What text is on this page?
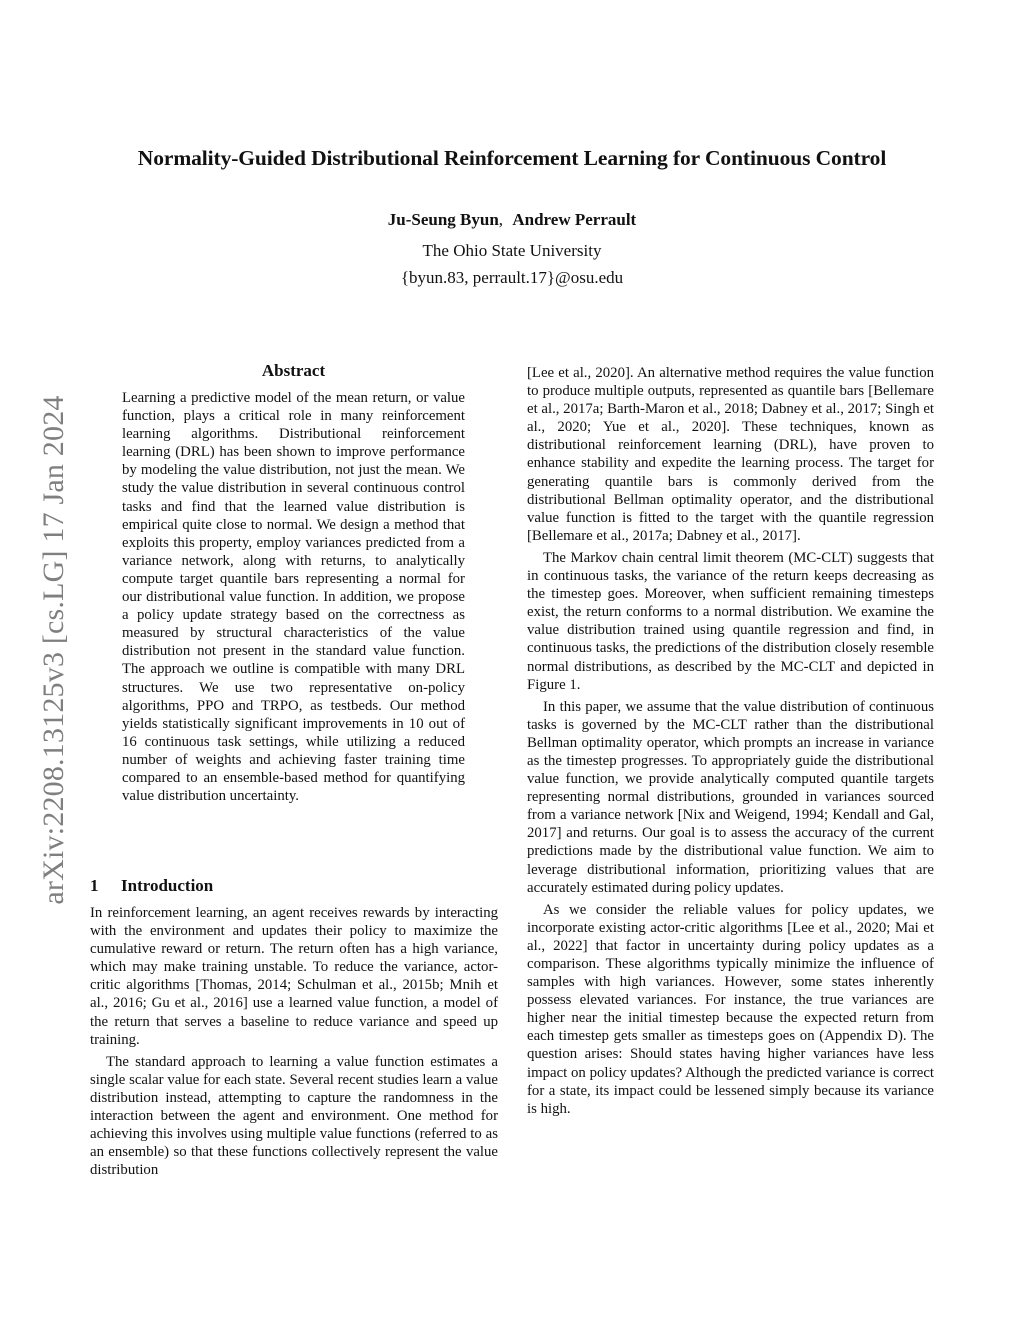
Normality-Guided Distributional Reinforcement Learning for Continuous Control
Ju-Seung Byun, Andrew Perrault
The Ohio State University
{byun.83, perrault.17}@osu.edu
arXiv:2208.13125v3 [cs.LG] 17 Jan 2024
Abstract
Learning a predictive model of the mean return, or value function, plays a critical role in many reinforcement learning algorithms. Distributional reinforcement learning (DRL) has been shown to improve performance by modeling the value distribution, not just the mean. We study the value distribution in several continuous control tasks and find that the learned value distribution is empirical quite close to normal. We design a method that exploits this property, employ variances predicted from a variance network, along with returns, to analytically compute target quantile bars representing a normal for our distributional value function. In addition, we propose a policy update strategy based on the correctness as measured by structural characteristics of the value distribution not present in the standard value function. The approach we outline is compatible with many DRL structures. We use two representative on-policy algorithms, PPO and TRPO, as testbeds. Our method yields statistically significant improvements in 10 out of 16 continuous task settings, while utilizing a reduced number of weights and achieving faster training time compared to an ensemble-based method for quantifying value distribution uncertainty.
1 Introduction

In reinforcement learning, an agent receives rewards by interacting with the environment and updates their policy to maximize the cumulative reward or return. The return often has a high variance, which may make training unstable. To reduce the variance, actor-critic algorithms [Thomas, 2014; Schulman et al., 2015b; Mnih et al., 2016; Gu et al., 2016] use a learned value function, a model of the return that serves a baseline to reduce variance and speed up training.

The standard approach to learning a value function estimates a single scalar value for each state. Several recent studies learn a value distribution instead, attempting to capture the randomness in the interaction between the agent and environment. One method for achieving this involves using multiple value functions (referred to as an ensemble) so that these functions collectively represent the value distribution

[Lee et al., 2020]. An alternative method requires the value function to produce multiple outputs, represented as quantile bars [Bellemare et al., 2017a; Barth-Maron et al., 2018; Dabney et al., 2017; Singh et al., 2020; Yue et al., 2020]. These techniques, known as distributional reinforcement learning (DRL), have proven to enhance stability and expedite the learning process. The target for generating quantile bars is commonly derived from the distributional Bellman optimality operator, and the distributional value function is fitted to the target with the quantile regression [Bellemare et al., 2017a; Dabney et al., 2017].

The Markov chain central limit theorem (MC-CLT) suggests that in continuous tasks, the variance of the return keeps decreasing as the timestep goes. Moreover, when sufficient remaining timesteps exist, the return conforms to a normal distribution. We examine the value distribution trained using quantile regression and find, in continuous tasks, the predictions of the distribution closely resemble normal distributions, as described by the MC-CLT and depicted in Figure 1.

In this paper, we assume that the value distribution of continuous tasks is governed by the MC-CLT rather than the distributional Bellman optimality operator, which prompts an increase in variance as the timestep progresses. To appropriately guide the distributional value function, we provide analytically computed quantile targets representing normal distributions, grounded in variances sourced from a variance network [Nix and Weigend, 1994; Kendall and Gal, 2017] and returns. Our goal is to assess the accuracy of the current predictions made by the distributional value function. We aim to leverage distributional information, prioritizing values that are accurately estimated during policy updates.

As we consider the reliable values for policy updates, we incorporate existing actor-critic algorithms [Lee et al., 2020; Mai et al., 2022] that factor in uncertainty during policy updates as a comparison. These algorithms typically minimize the influence of samples with high variances. However, some states inherently possess elevated variances. For instance, the true variances are higher near the initial timestep because the expected return from each timestep gets smaller as timesteps goes on (Appendix D). The question arises: Should states having higher variances have less impact on policy updates? Although the predicted variance is correct for a state, its impact could be lessened simply because its variance is high.
